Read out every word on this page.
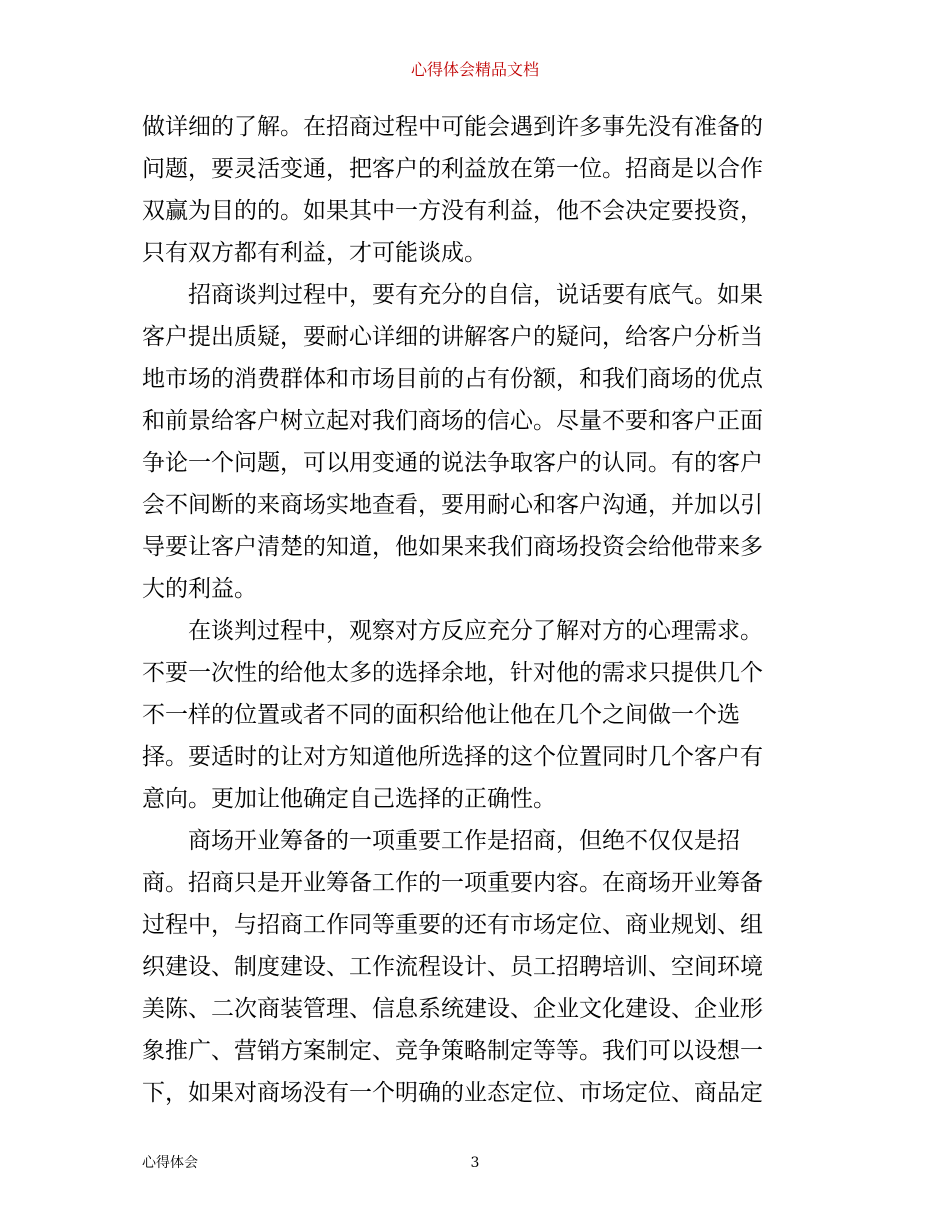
心得体会精品文档
做详细的了解。在招商过程中可能会遇到许多事先没有准备的
问题，要灵活变通，把客户的利益放在第一位。招商是以合作
双赢为目的的。如果其中一方没有利益，他不会决定要投资，
只有双方都有利益，才可能谈成。
招商谈判过程中，要有充分的自信，说话要有底气。如果
客户提出质疑，要耐心详细的讲解客户的疑问，给客户分析当
地市场的消费群体和市场目前的占有份额，和我们商场的优点
和前景给客户树立起对我们商场的信心。尽量不要和客户正面
争论一个问题，可以用变通的说法争取客户的认同。有的客户
会不间断的来商场实地查看，要用耐心和客户沟通，并加以引
导要让客户清楚的知道，他如果来我们商场投资会给他带来多
大的利益。
在谈判过程中，观察对方反应充分了解对方的心理需求。
不要一次性的给他太多的选择余地，针对他的需求只提供几个
不一样的位置或者不同的面积给他让他在几个之间做一个选
择。要适时的让对方知道他所选择的这个位置同时几个客户有
意向。更加让他确定自己选择的正确性。
商场开业筹备的一项重要工作是招商，但绝不仅仅是招
商。招商只是开业筹备工作的一项重要内容。在商场开业筹备
过程中，与招商工作同等重要的还有市场定位、商业规划、组
织建设、制度建设、工作流程设计、员工招聘培训、空间环境
美陈、二次商装管理、信息系统建设、企业文化建设、企业形
象推广、营销方案制定、竞争策略制定等等。我们可以设想一
下，如果对商场没有一个明确的业态定位、市场定位、商品定
心得体会	3
